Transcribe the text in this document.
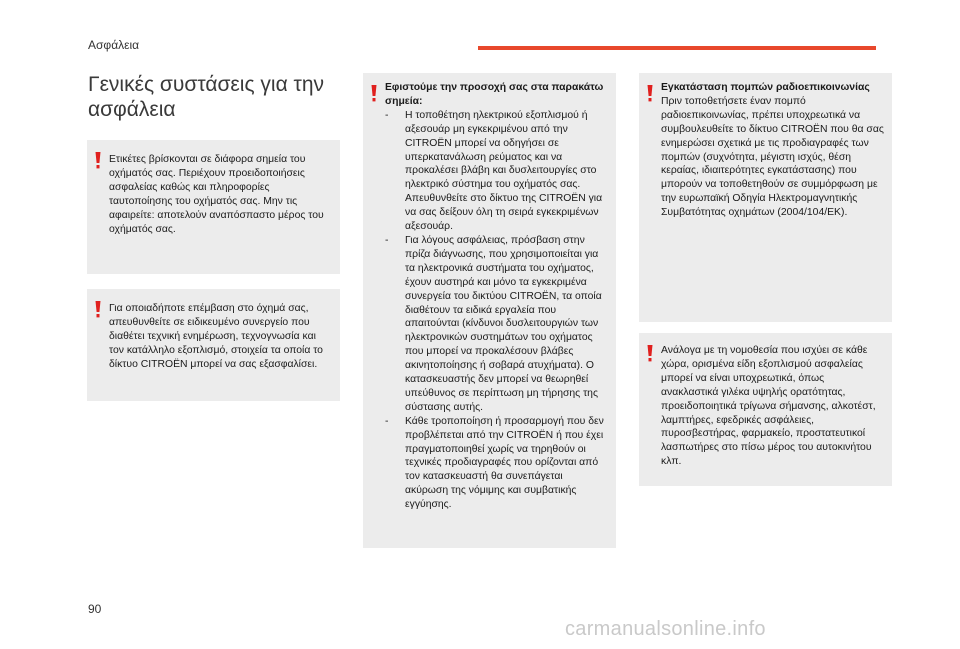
Ασφάλεια
Γενικές συστάσεις για την ασφάλεια
Ετικέτες βρίσκονται σε διάφορα σημεία του οχήματός σας. Περιέχουν προειδοποιήσεις ασφαλείας καθώς και πληροφορίες ταυτοποίησης του οχήματός σας. Μην τις αφαιρείτε: αποτελούν αναπόσπαστο μέρος του οχήματός σας.
Για οποιαδήποτε επέμβαση στο όχημά σας, απευθυνθείτε σε ειδικευμένο συνεργείο που διαθέτει τεχνική ενημέρωση, τεχνογνωσία και τον κατάλληλο εξοπλισμό, στοιχεία τα οποία το δίκτυο CITROËN μπορεί να σας εξασφαλίσει.
Εφιστούμε την προσοχή σας στα παρακάτω σημεία:
- Η τοποθέτηση ηλεκτρικού εξοπλισμού ή αξεσουάρ μη εγκεκριμένου από την CITROËN μπορεί να οδηγήσει σε υπερκατανάλωση ρεύματος και να προκαλέσει βλάβη και δυσλειτουργίες στο ηλεκτρικό σύστημα του οχήματός σας. Απευθυνθείτε στο δίκτυο της CITROËN για να σας δείξουν όλη τη σειρά εγκεκριμένων αξεσουάρ.
- Για λόγους ασφάλειας, πρόσβαση στην πρίζα διάγνωσης, που χρησιμοποιείται για τα ηλεκτρονικά συστήματα του οχήματος, έχουν αυστηρά και μόνο τα εγκεκριμένα συνεργεία του δικτύου CITROËN, τα οποία διαθέτουν τα ειδικά εργαλεία που απαιτούνται (κίνδυνοι δυσλειτουργιών των ηλεκτρονικών συστημάτων του οχήματος που μπορεί να προκαλέσουν βλάβες ακινητοποίησης ή σοβαρά ατυχήματα). Ο κατασκευαστής δεν μπορεί να θεωρηθεί υπεύθυνος σε περίπτωση μη τήρησης της σύστασης αυτής.
- Κάθε τροποποίηση ή προσαρμογή που δεν προβλέπεται από την CITROËN ή που έχει πραγματοποιηθεί χωρίς να τηρηθούν οι τεχνικές προδιαγραφές που ορίζονται από τον κατασκευαστή θα συνεπάγεται ακύρωση της νόμιμης και συμβατικής εγγύησης.
Εγκατάσταση πομπών ραδιοεπικοινωνίας
Πριν τοποθετήσετε έναν πομπό ραδιοεπικοινωνίας, πρέπει υποχρεωτικά να συμβουλευθείτε το δίκτυο CITROËN που θα σας ενημερώσει σχετικά με τις προδιαγραφές των πομπών (συχνότητα, μέγιστη ισχύς, θέση κεραίας, ιδιαιτερότητες εγκατάστασης) που μπορούν να τοποθετηθούν σε συμμόρφωση με την ευρωπαϊκή Οδηγία Ηλεκτρομαγνητικής Συμβατότητας οχημάτων (2004/104/ΕΚ).
Ανάλογα με τη νομοθεσία που ισχύει σε κάθε χώρα, ορισμένα είδη εξοπλισμού ασφαλείας μπορεί να είναι υποχρεωτικά, όπως ανακλαστικά γιλέκα υψηλής ορατότητας, προειδοποιητικά τρίγωνα σήμανσης, αλκοτέστ, λαμπτήρες, εφεδρικές ασφάλειες, πυροσβεστήρας, φαρμακείο, προστατευτικοί λασπωτήρες στο πίσω μέρος του αυτοκινήτου κλπ.
90
carmanualsonline.info
